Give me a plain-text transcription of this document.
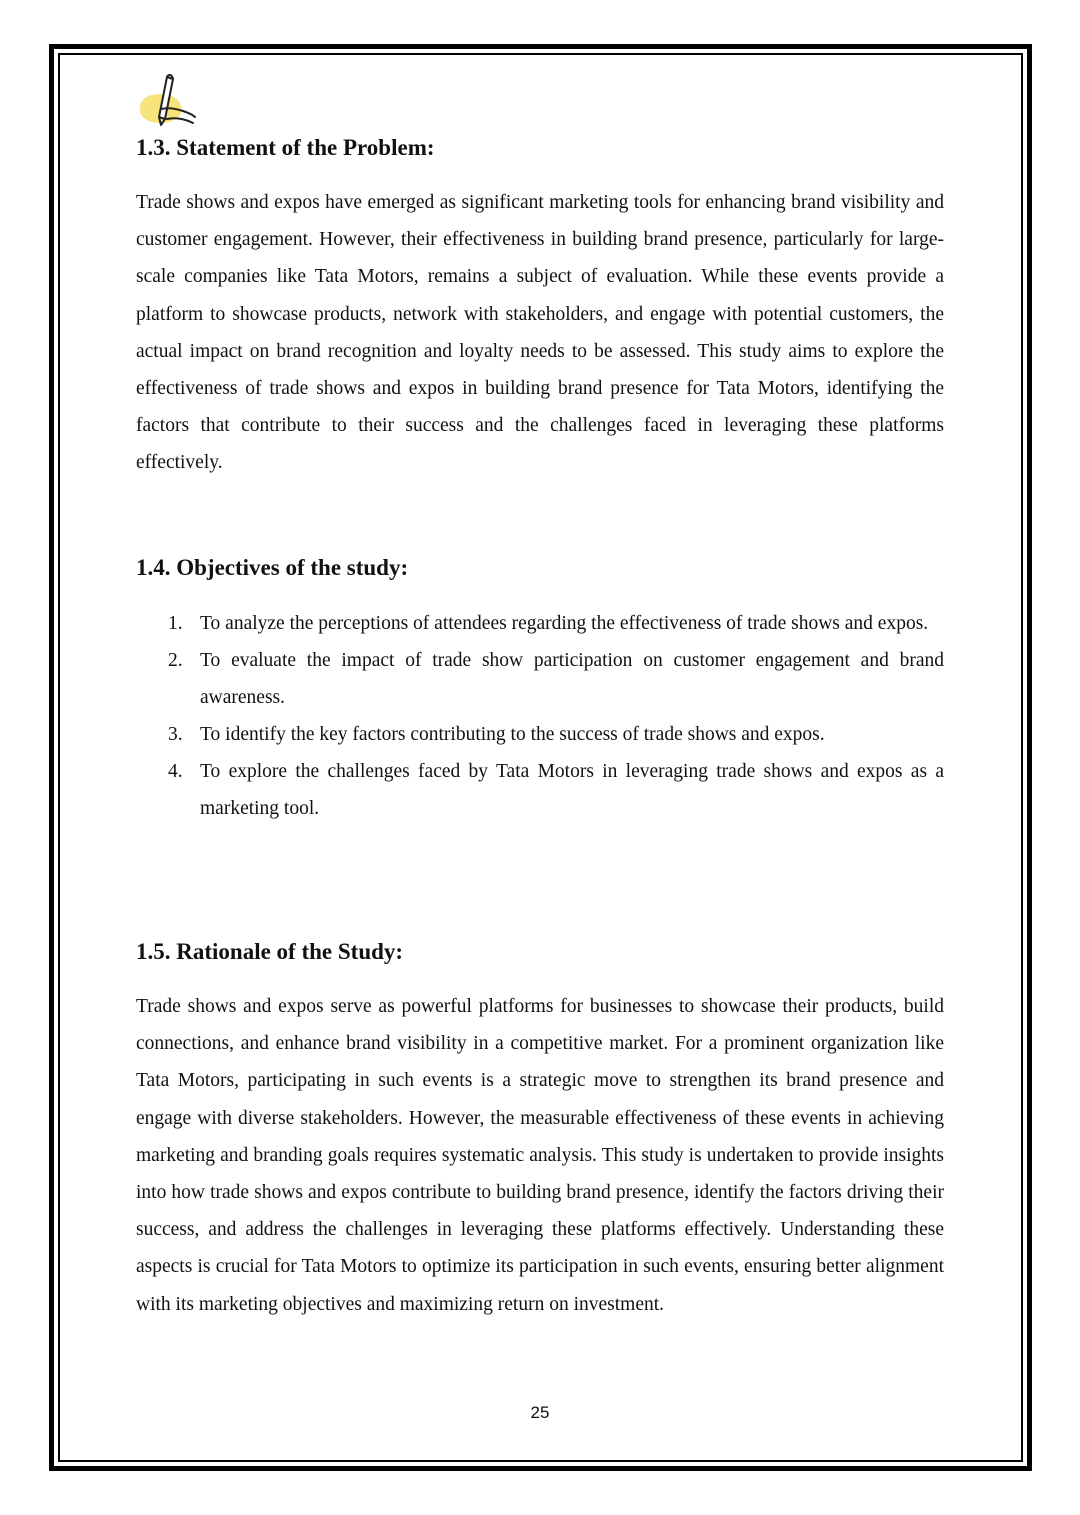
1.3. Statement of the Problem:

Trade shows and expos have emerged as significant marketing tools for enhancing brand visibility and customer engagement. However, their effectiveness in building brand presence, particularly for large-scale companies like Tata Motors, remains a subject of evaluation. While these events provide a platform to showcase products, network with stakeholders, and engage with potential customers, the actual impact on brand recognition and loyalty needs to be assessed. This study aims to explore the effectiveness of trade shows and expos in building brand presence for Tata Motors, identifying the factors that contribute to their success and the challenges faced in leveraging these platforms effectively.

1.4. Objectives of the study:
1. To analyze the perceptions of attendees regarding the effectiveness of trade shows and expos.
2. To evaluate the impact of trade show participation on customer engagement and brand awareness.
3. To identify the key factors contributing to the success of trade shows and expos.
4. To explore the challenges faced by Tata Motors in leveraging trade shows and expos as a marketing tool.
1.5. Rationale of the Study:

Trade shows and expos serve as powerful platforms for businesses to showcase their products, build connections, and enhance brand visibility in a competitive market. For a prominent organization like Tata Motors, participating in such events is a strategic move to strengthen its brand presence and engage with diverse stakeholders. However, the measurable effectiveness of these events in achieving marketing and branding goals requires systematic analysis. This study is undertaken to provide insights into how trade shows and expos contribute to building brand presence, identify the factors driving their success, and address the challenges in leveraging these platforms effectively. Understanding these aspects is crucial for Tata Motors to optimize its participation in such events, ensuring better alignment with its marketing objectives and maximizing return on investment.

25
